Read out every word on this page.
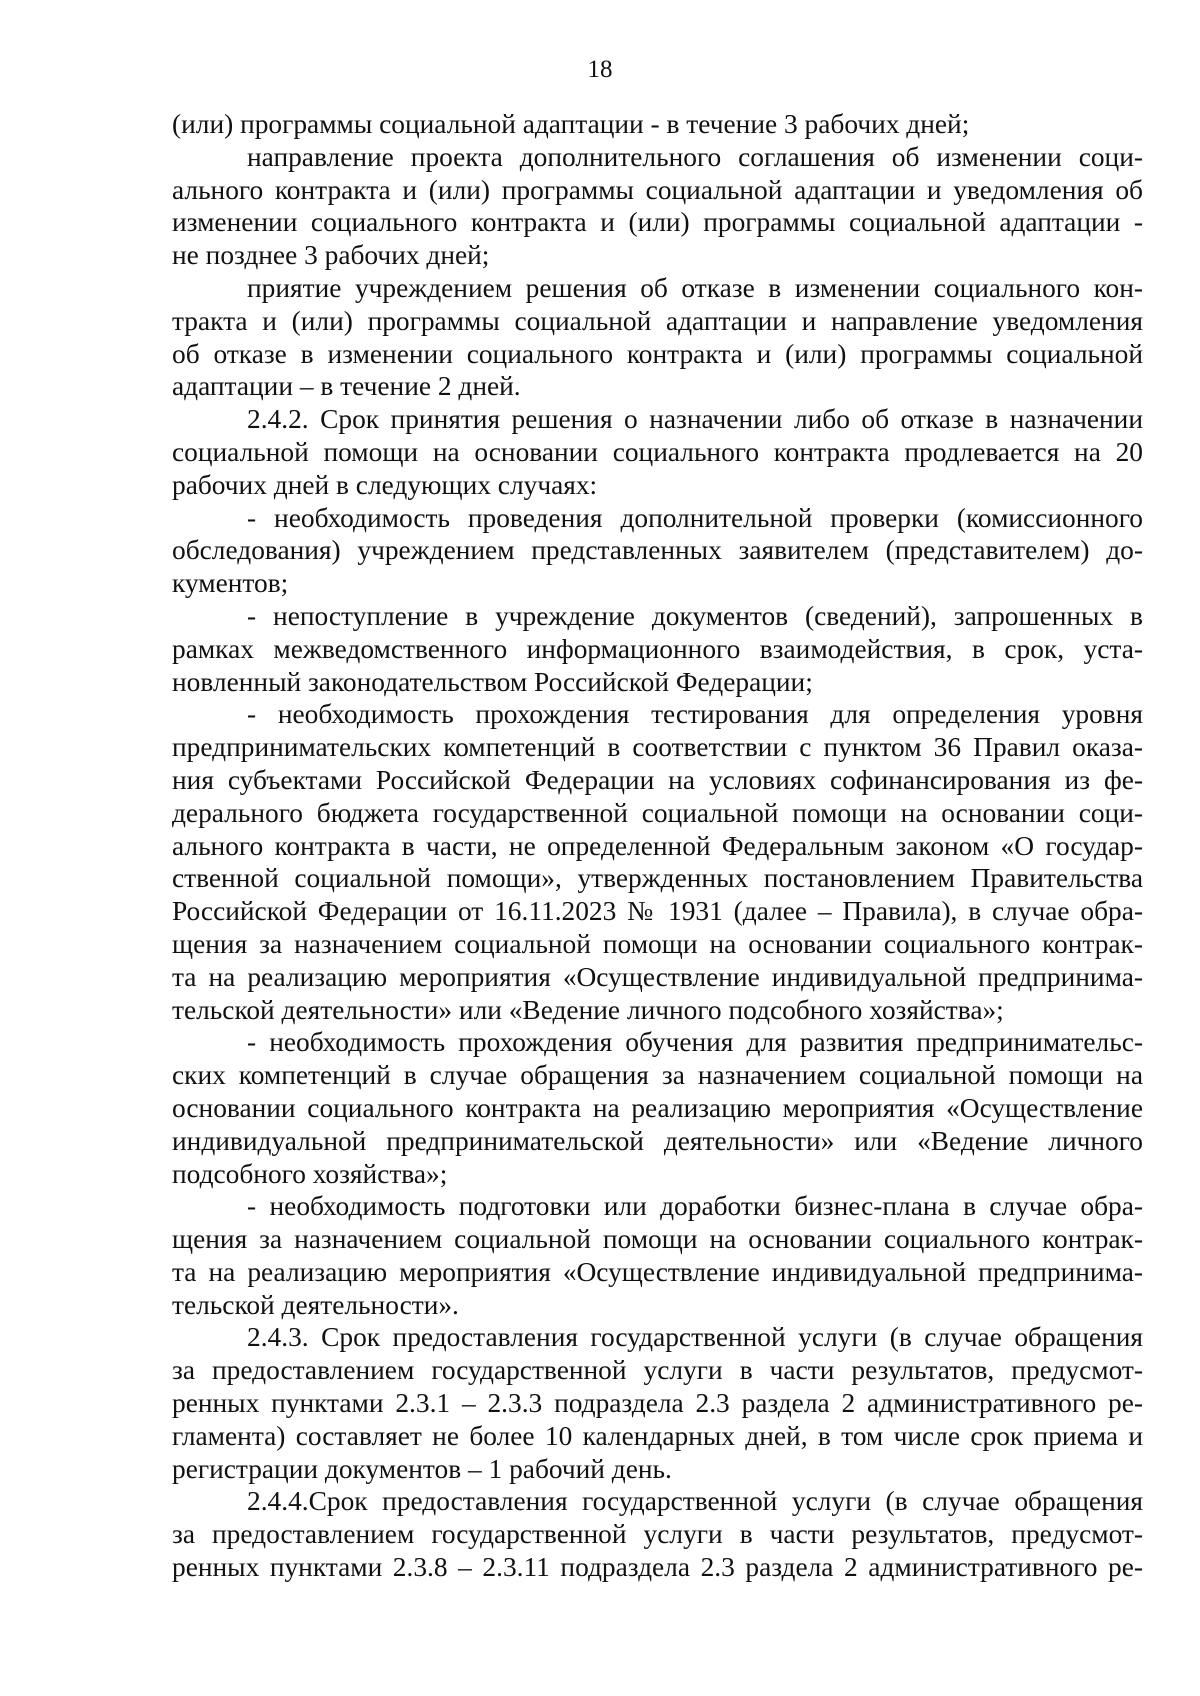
18
(или) программы социальной адаптации - в течение 3 рабочих дней;
направление проекта дополнительного соглашения об изменении соци-
ального контракта и (или) программы социальной адаптации и уведомления об
изменении социального контракта и (или) программы социальной адаптации -
не позднее 3 рабочих дней;
приятие учреждением решения об отказе в изменении социального кон-
тракта и (или) программы социальной адаптации и направление уведомления
об отказе в изменении социального контракта и (или) программы социальной
адаптации – в течение 2 дней.
2.4.2. Срок принятия решения о назначении либо об отказе в назначении
социальной помощи на основании социального контракта продлевается на 20
рабочих дней в следующих случаях:
- необходимость проведения дополнительной проверки (комиссионного
обследования) учреждением представленных заявителем (представителем) до-
кументов;
- непоступление в учреждение документов (сведений), запрошенных в
рамках межведомственного информационного взаимодействия, в срок, уста-
новленный законодательством Российской Федерации;
- необходимость прохождения тестирования для определения уровня
предпринимательских компетенций в соответствии с пунктом 36 Правил оказа-
ния субъектами Российской Федерации на условиях софинансирования из фе-
дерального бюджета государственной социальной помощи на основании соци-
ального контракта в части, не определенной Федеральным законом «О государ-
ственной социальной помощи», утвержденных постановлением Правительства
Российской Федерации от 16.11.2023 № 1931 (далее – Правила), в случае обра-
щения за назначением социальной помощи на основании социального контрак-
та на реализацию мероприятия «Осуществление индивидуальной предпринима-
тельской деятельности» или «Ведение личного подсобного хозяйства»;
- необходимость прохождения обучения для развития предпринимательс-
ских компетенций в случае обращения за назначением социальной помощи на
основании социального контракта на реализацию мероприятия «Осуществление
индивидуальной предпринимательской деятельности» или «Ведение личного
подсобного хозяйства»;
- необходимость подготовки или доработки бизнес-плана в случае обра-
щения за назначением социальной помощи на основании социального контрак-
та на реализацию мероприятия «Осуществление индивидуальной предпринима-
тельской деятельности».
2.4.3. Срок предоставления государственной услуги (в случае обращения
за предоставлением государственной услуги в части результатов, предусмот-
ренных пунктами 2.3.1 – 2.3.3 подраздела 2.3 раздела 2 административного ре-
гламента) составляет не более 10 календарных дней, в том числе срок приема и
регистрации документов – 1 рабочий день.
2.4.4.Срок предоставления государственной услуги (в случае обращения
за предоставлением государственной услуги в части результатов, предусмот-
ренных пунктами 2.3.8 – 2.3.11 подраздела 2.3 раздела 2 административного ре-
